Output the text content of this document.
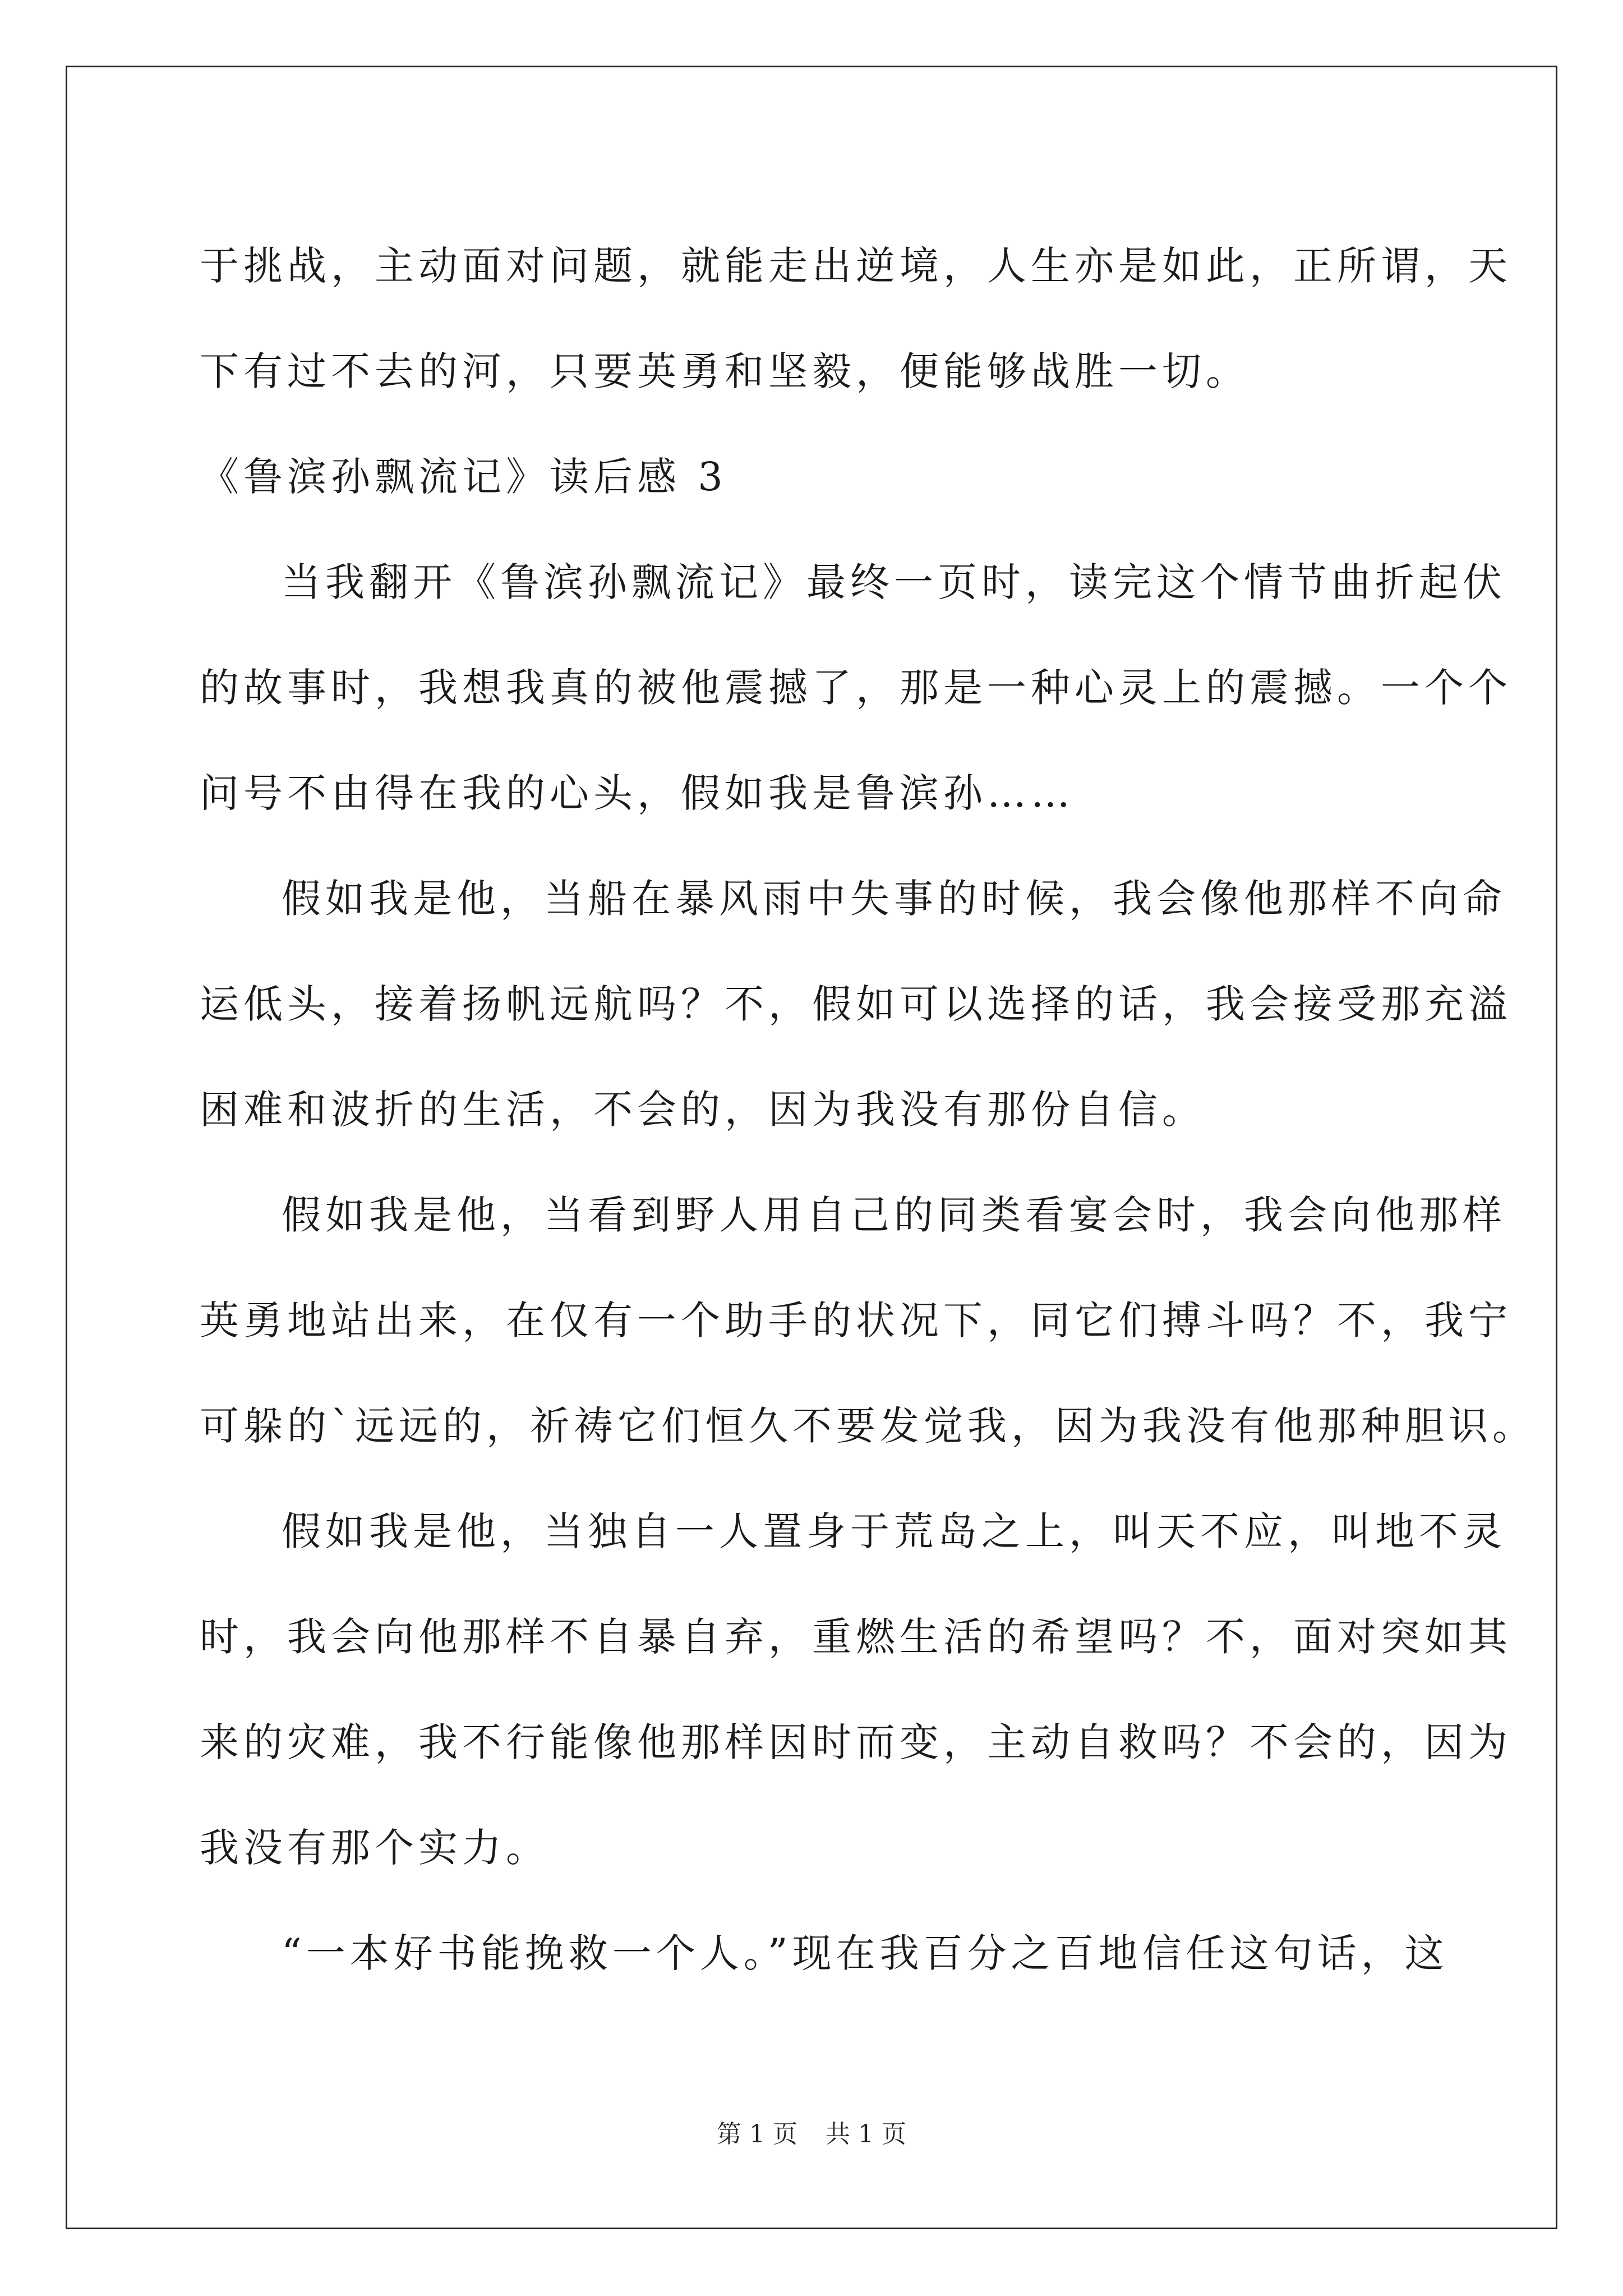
于挑战，主动面对问题，就能走出逆境，人生亦是如此，正所谓，天
下有过不去的河，只要英勇和坚毅，便能够战胜一切。
《鲁滨孙飘流记》读后感 3
当我翻开《鲁滨孙飘流记》最终一页时，读完这个情节曲折起伏
的故事时，我想我真的被他震撼了，那是一种心灵上的震撼。一个个
问号不由得在我的心头，假如我是鲁滨孙……
假如我是他，当船在暴风雨中失事的时候，我会像他那样不向命
运低头，接着扬帆远航吗？不，假如可以选择的话，我会接受那充溢
困难和波折的生活，不会的，因为我没有那份自信。
假如我是他，当看到野人用自己的同类看宴会时，我会向他那样
英勇地站出来，在仅有一个助手的状况下，同它们搏斗吗？不，我宁
可躲的`远远的，祈祷它们恒久不要发觉我，因为我没有他那种胆识。
假如我是他，当独自一人置身于荒岛之上，叫天不应，叫地不灵
时，我会向他那样不自暴自弃，重燃生活的希望吗？不，面对突如其
来的灾难，我不行能像他那样因时而变，主动自救吗？不会的，因为
我没有那个实力。
“一本好书能挽救一个人。”现在我百分之百地信任这句话，这
第 1 页 共 1 页
